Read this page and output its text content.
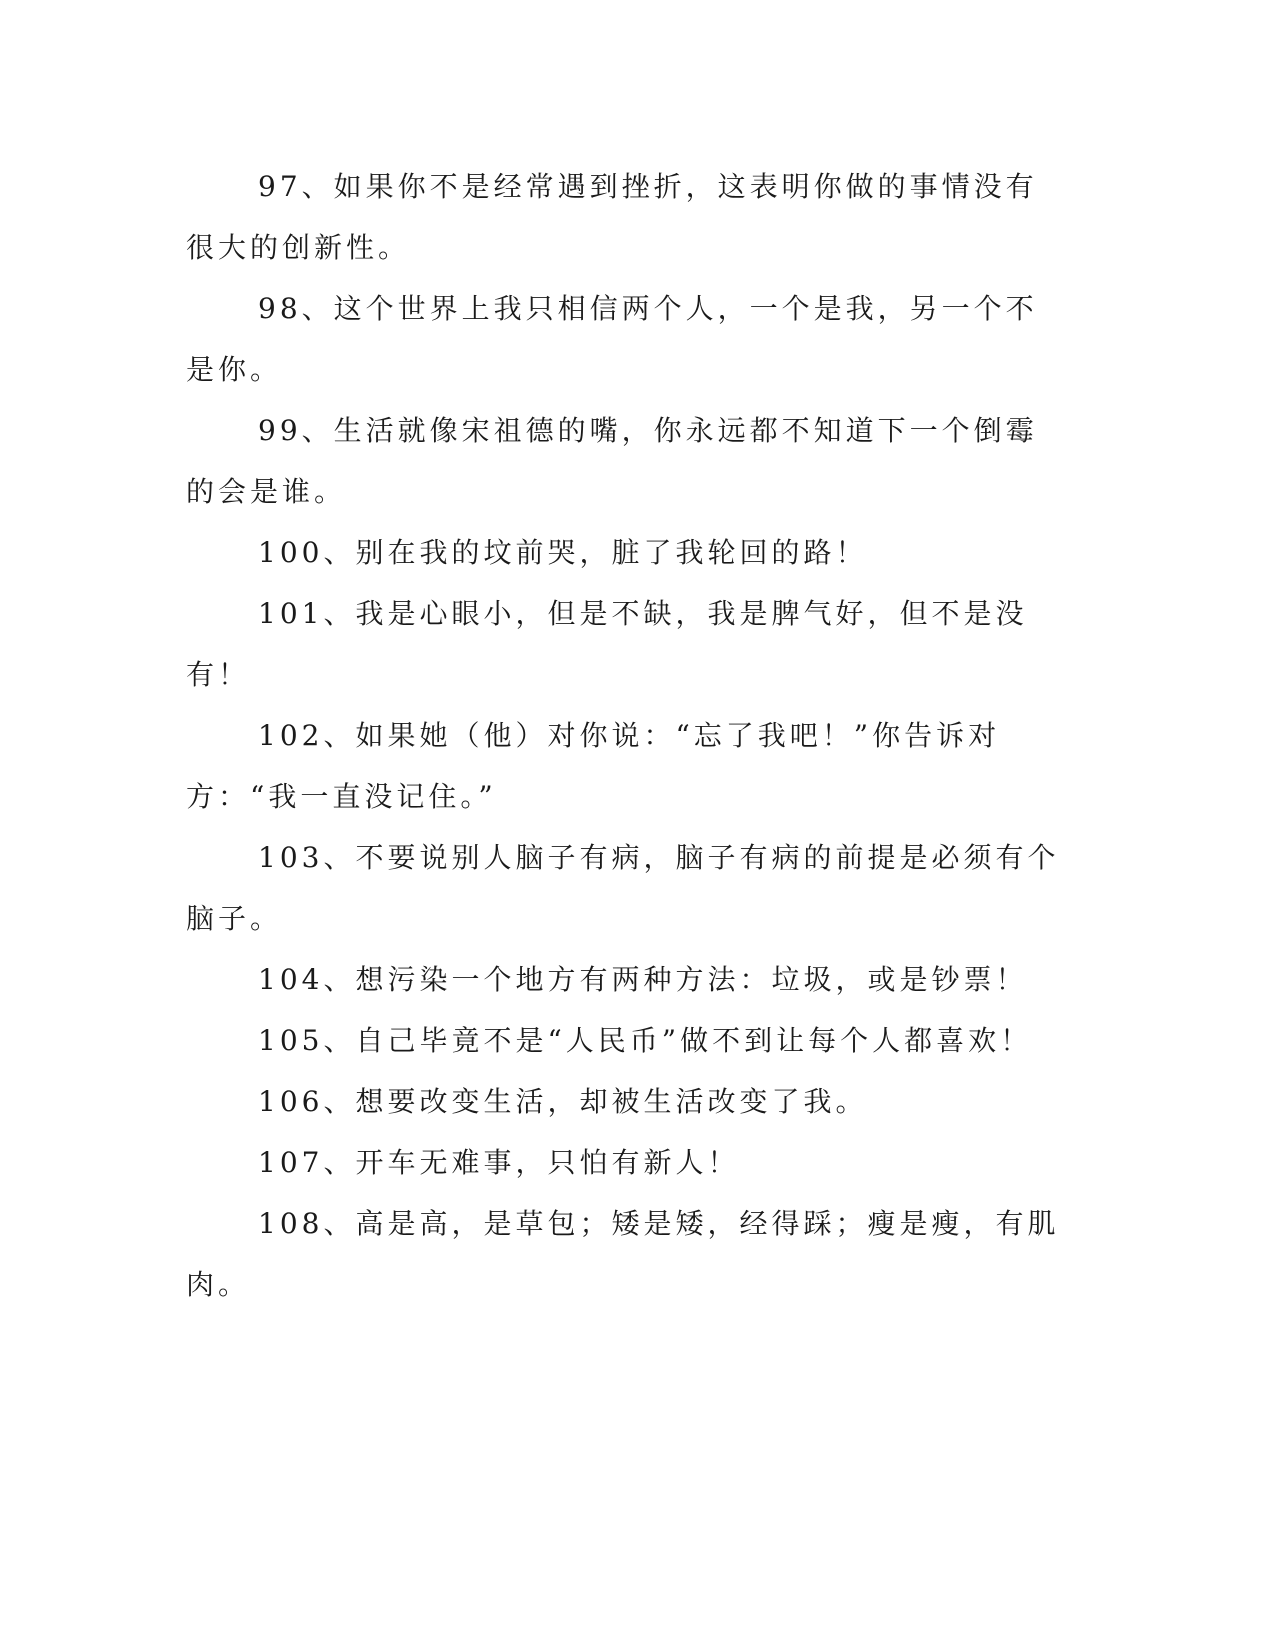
97、如果你不是经常遇到挫折，这表明你做的事情没有很大的创新性。

98、这个世界上我只相信两个人，一个是我，另一个不是你。

99、生活就像宋祖德的嘴，你永远都不知道下一个倒霉的会是谁。

100、别在我的坟前哭，脏了我轮回的路！

101、我是心眼小，但是不缺，我是脾气好，但不是没有！

102、如果她（他）对你说：“忘了我吧！”你告诉对方：“我一直没记住。”

103、不要说别人脑子有病，脑子有病的前提是必须有个脑子。

104、想污染一个地方有两种方法：垃圾，或是钞票！

105、自己毕竟不是“人民币”做不到让每个人都喜欢！

106、想要改变生活，却被生活改变了我。

107、开车无难事，只怕有新人！

108、高是高，是草包；矮是矮，经得踩；瘦是瘦，有肌肉。
